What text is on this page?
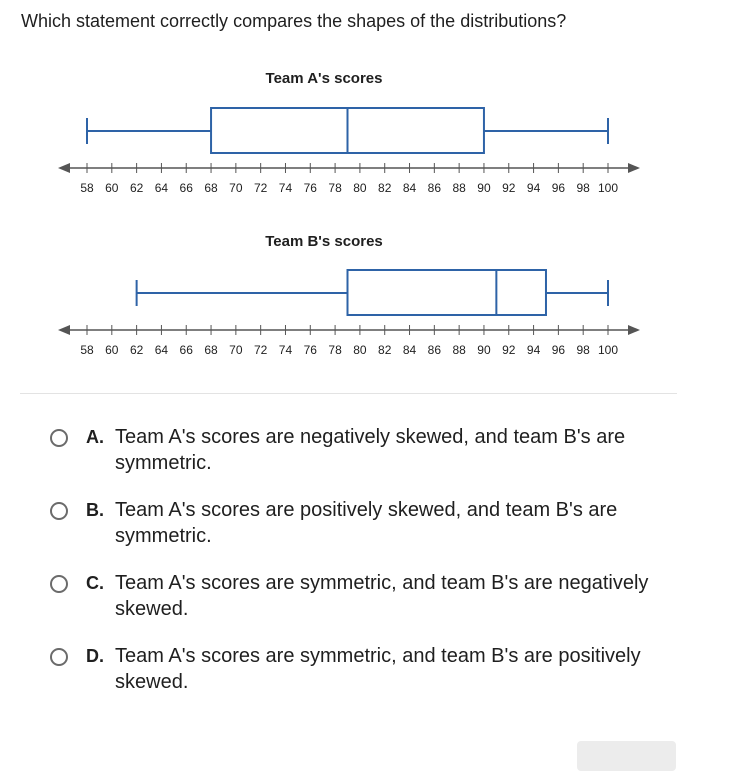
Which statement correctly compares the shapes of the distributions?
Team A's scores
58 60 62 64 66 68 70 72 74 76 78 80 82 84 86 88 90 92 94 96 98 100
Team B's scores
58 60 62 64 66 68 70 72 74 76 78 80 82 84 86 88 90 92 94 96 98 100
A. Team A's scores are negatively skewed, and team B's are symmetric.
B. Team A's scores are positively skewed, and team B's are symmetric.
C. Team A's scores are symmetric, and team B's are negatively skewed.
D. Team A's scores are symmetric, and team B's are positively skewed.
